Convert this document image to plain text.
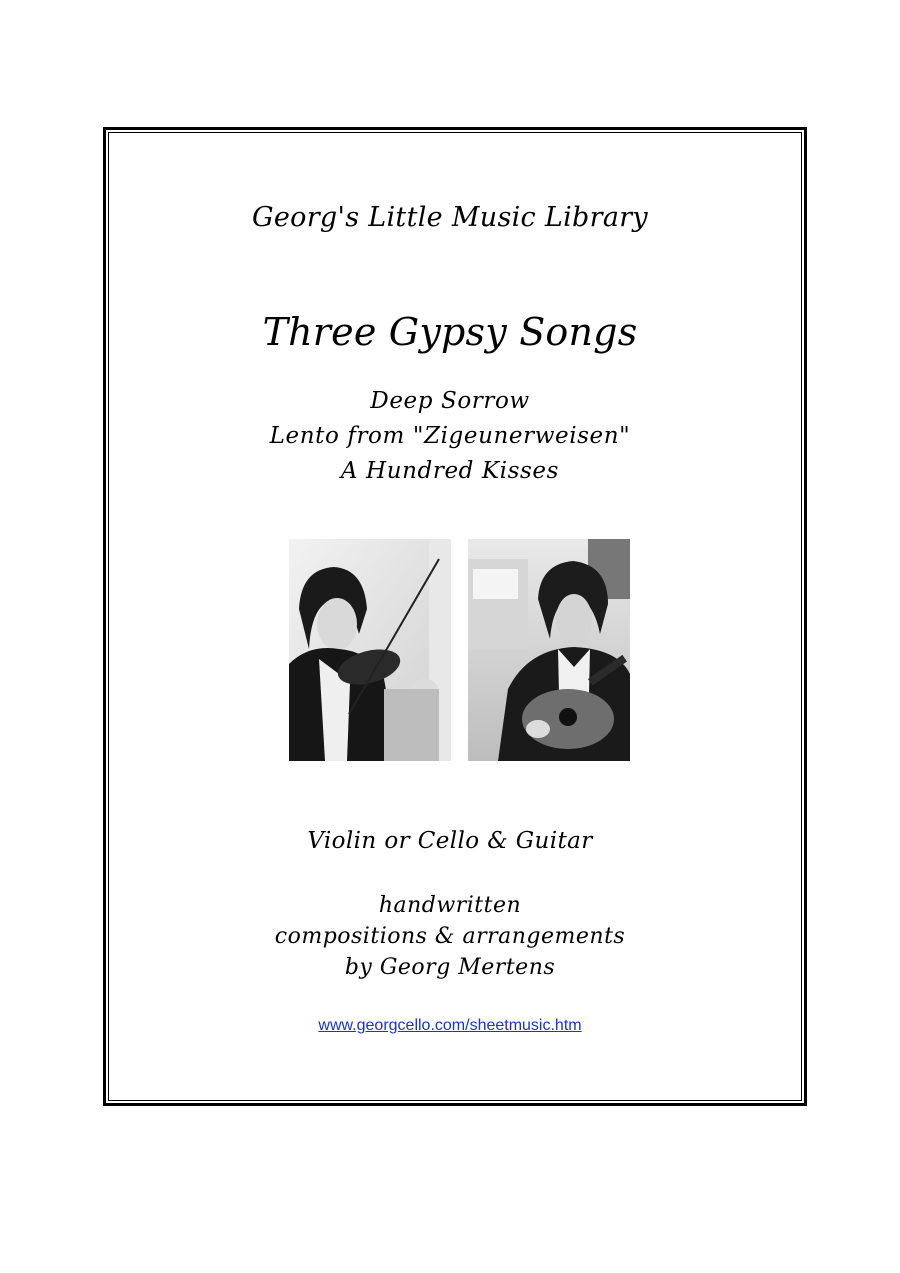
Georg's Little Music Library
Three Gypsy Songs
Deep Sorrow
Lento from "Zigeunerweisen"
A Hundred Kisses
Violin or Cello & Guitar
handwritten
compositions & arrangements
by Georg Mertens
www.georgcello.com/sheetmusic.htm
